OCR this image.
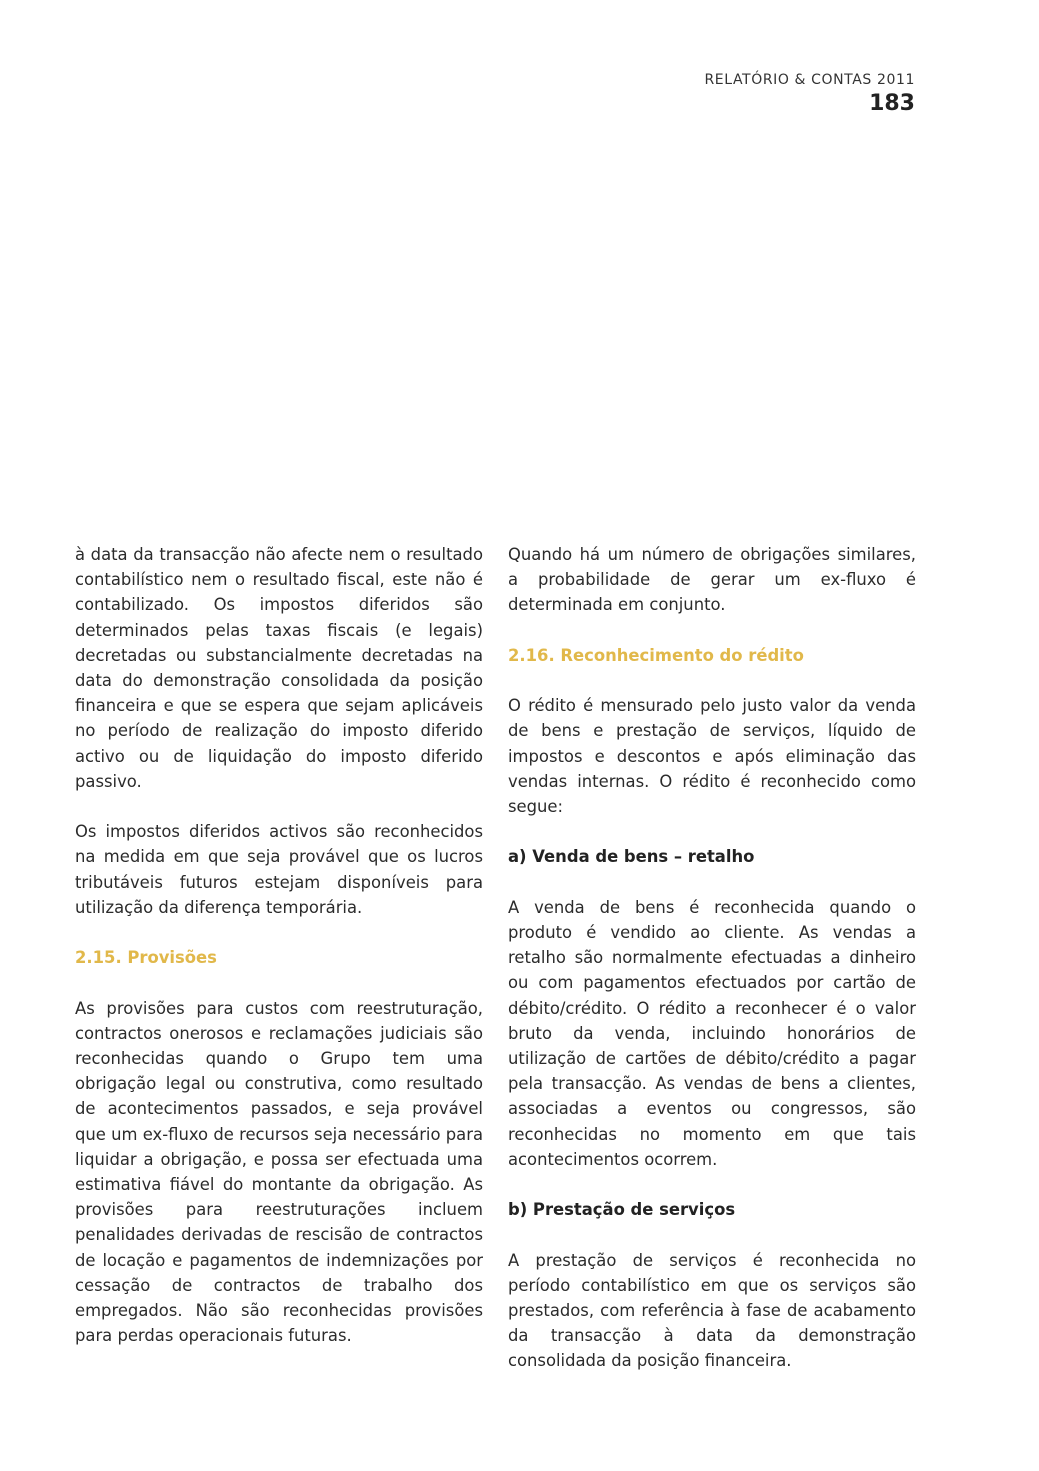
RELATÓRIO & CONTAS 2011
183

à data da transacção não afecte nem o resultado contabilístico nem o resultado fiscal, este não é contabilizado. Os impostos diferidos são determinados pelas taxas fiscais (e legais) decretadas ou substancialmente decretadas na data do demonstração consolidada da posição financeira e que se espera que sejam aplicáveis no período de realização do imposto diferido activo ou de liquidação do imposto diferido passivo.

Os impostos diferidos activos são reconhecidos na medida em que seja provável que os lucros tributáveis futuros estejam disponíveis para utilização da diferença temporária.

2.15. Provisões

As provisões para custos com reestruturação, contractos onerosos e reclamações judiciais são reconhecidas quando o Grupo tem uma obrigação legal ou construtiva, como resultado de acontecimentos passados, e seja provável que um ex-fluxo de recursos seja necessário para liquidar a obrigação, e possa ser efectuada uma estimativa fiável do montante da obrigação. As provisões para reestruturações incluem penalidades derivadas de rescisão de contractos de locação e pagamentos de indemnizações por cessação de contractos de trabalho dos empregados. Não são reconhecidas provisões para perdas operacionais futuras.

Quando há um número de obrigações similares, a probabilidade de gerar um ex-fluxo é determinada em conjunto.

2.16. Reconhecimento do rédito

O rédito é mensurado pelo justo valor da venda de bens e prestação de serviços, líquido de impostos e descontos e após eliminação das vendas internas. O rédito é reconhecido como segue:

a) Venda de bens – retalho

A venda de bens é reconhecida quando o produto é vendido ao cliente. As vendas a retalho são normalmente efectuadas a dinheiro ou com pagamentos efectuados por cartão de débito/crédito. O rédito a reconhecer é o valor bruto da venda, incluindo honorários de utilização de cartões de débito/crédito a pagar pela transacção. As vendas de bens a clientes, associadas a eventos ou congressos, são reconhecidas no momento em que tais acontecimentos ocorrem.

b) Prestação de serviços

A prestação de serviços é reconhecida no período contabilístico em que os serviços são prestados, com referência à fase de acabamento da transacção à data da demonstração consolidada da posição financeira.
